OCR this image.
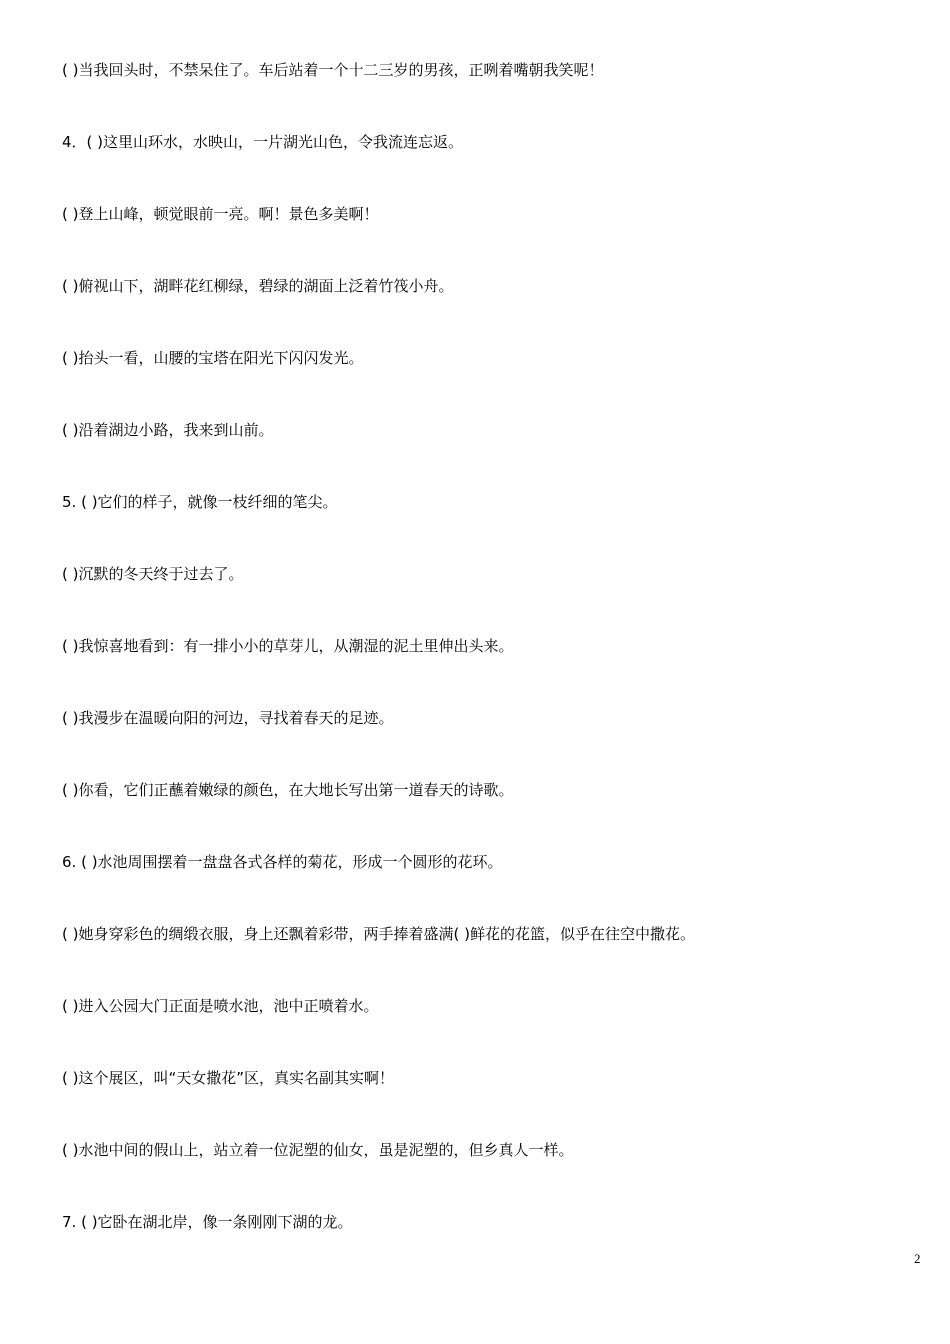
( )当我回头时，不禁呆住了。车后站着一个十二三岁的男孩，正咧着嘴朝我笑呢！

4．( )这里山环水，水映山，一片湖光山色，令我流连忘返。

( )登上山峰，顿觉眼前一亮。啊！景色多美啊！

( )俯视山下，湖畔花红柳绿，碧绿的湖面上泛着竹筏小舟。

( )抬头一看，山腰的宝塔在阳光下闪闪发光。

( )沿着湖边小路，我来到山前。

5. ( )它们的样子，就像一枝纤细的笔尖。

( )沉默的冬天终于过去了。

( )我惊喜地看到：有一排小小的草芽儿，从潮湿的泥土里伸出头来。

( )我漫步在温暖向阳的河边，寻找着春天的足迹。

( )你看，它们正蘸着嫩绿的颜色，在大地长写出第一道春天的诗歌。

6. ( )水池周围摆着一盘盘各式各样的菊花，形成一个圆形的花环。

( )她身穿彩色的绸缎衣服，身上还飘着彩带，两手捧着盛满( )鲜花的花篮，似乎在往空中撒花。

( )进入公园大门正面是喷水池，池中正喷着水。

( )这个展区，叫“天女撒花”区，真实名副其实啊！

( )水池中间的假山上，站立着一位泥塑的仙女，虽是泥塑的，但乡真人一样。

7. ( )它卧在湖北岸，像一条刚刚下湖的龙。

2
